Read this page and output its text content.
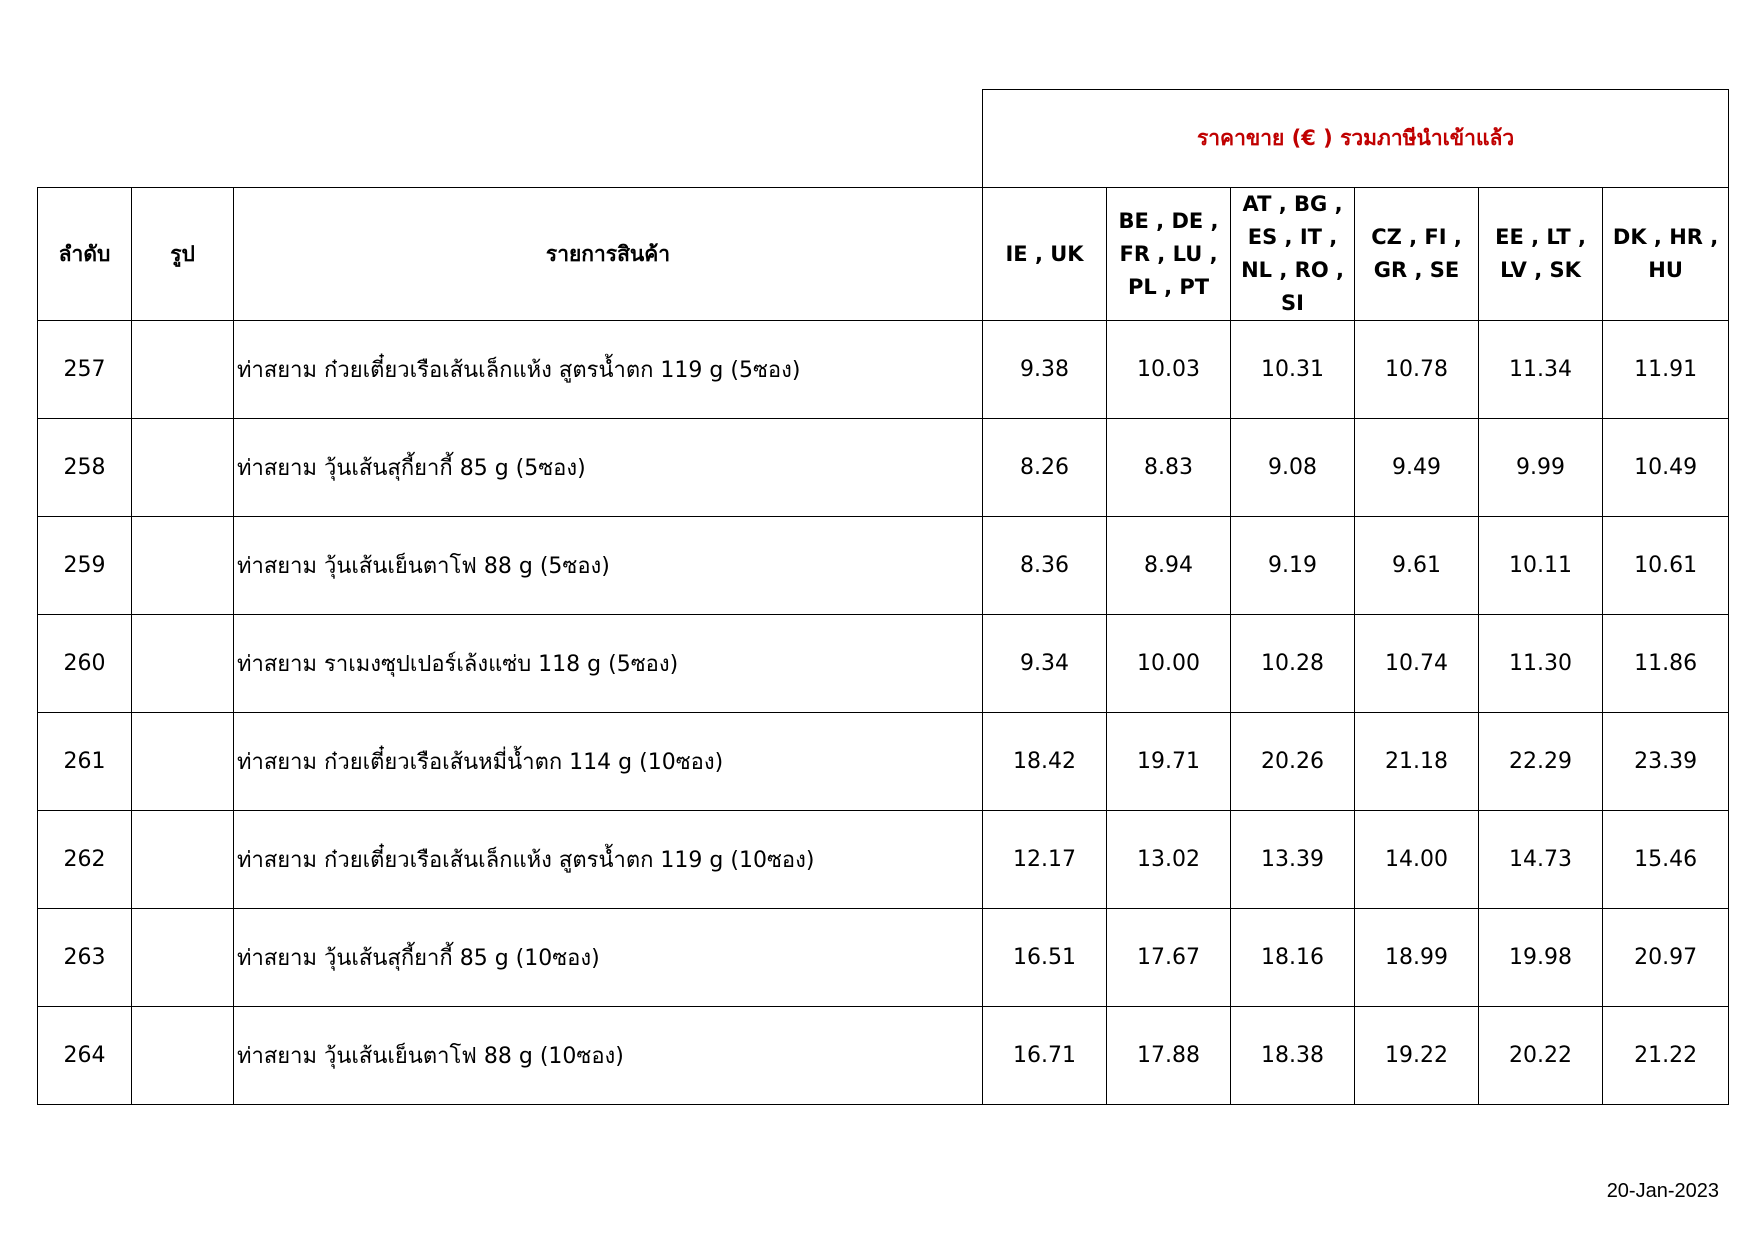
			ราคาขาย (€ ) รวมภาษีนำเข้าแล้ว					
ลำดับ	รูป	รายการสินค้า	IE , UK	BE , DE , FR , LU , PL , PT	AT , BG , ES , IT , NL , RO , SI	CZ , FI , GR , SE	EE , LT , LV , SK	DK , HR , HU
257		ท่าสยาม ก๋วยเตี๋ยวเรือเส้นเล็กแห้ง สูตรน้ำตก 119 g (5ซอง)	9.38	10.03	10.31	10.78	11.34	11.91
258		ท่าสยาม วุ้นเส้นสุกี้ยากี้ 85 g (5ซอง)	8.26	8.83	9.08	9.49	9.99	10.49
259		ท่าสยาม วุ้นเส้นเย็นตาโฟ 88 g (5ซอง)	8.36	8.94	9.19	9.61	10.11	10.61
260		ท่าสยาม ราเมงซุปเปอร์เล้งแซ่บ 118 g (5ซอง)	9.34	10.00	10.28	10.74	11.30	11.86
261		ท่าสยาม ก๋วยเตี๋ยวเรือเส้นหมี่น้ำตก 114 g (10ซอง)	18.42	19.71	20.26	21.18	22.29	23.39
262		ท่าสยาม ก๋วยเตี๋ยวเรือเส้นเล็กแห้ง สูตรน้ำตก 119 g (10ซอง)	12.17	13.02	13.39	14.00	14.73	15.46
263		ท่าสยาม วุ้นเส้นสุกี้ยากี้ 85 g (10ซอง)	16.51	17.67	18.16	18.99	19.98	20.97
264		ท่าสยาม วุ้นเส้นเย็นตาโฟ 88 g (10ซอง)	16.71	17.88	18.38	19.22	20.22	21.22
20-Jan-2023
